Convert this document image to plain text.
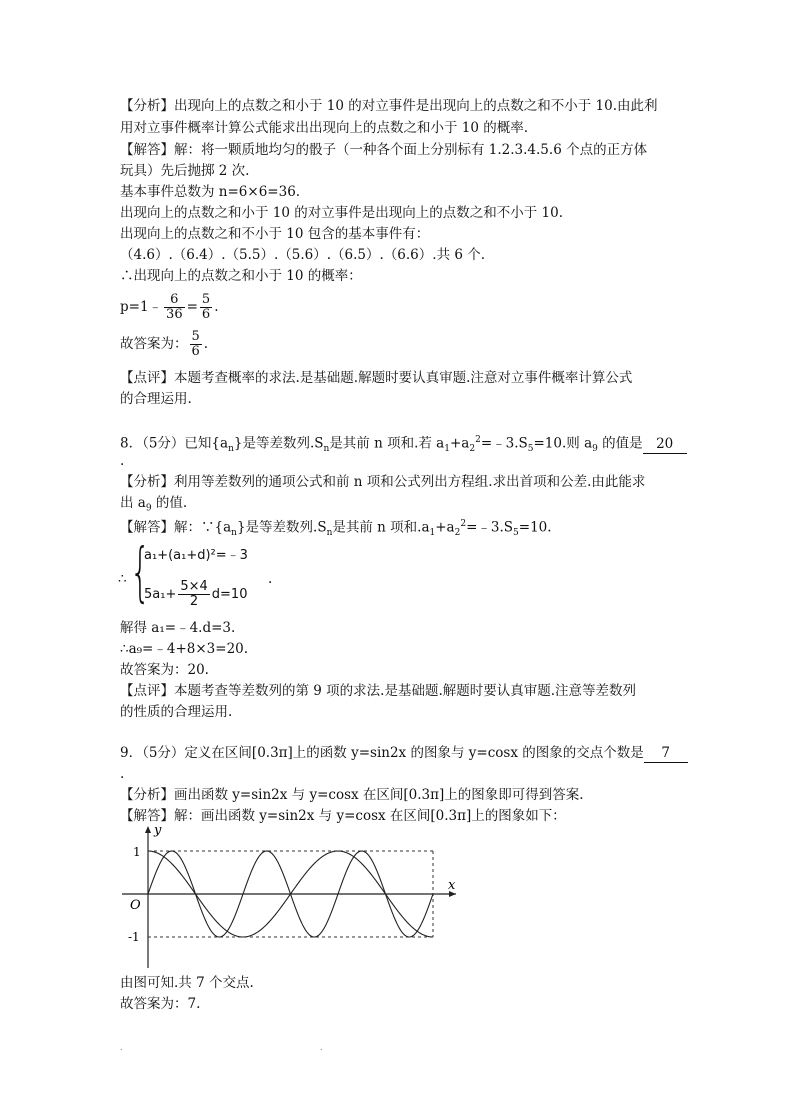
【分析】出现向上的点数之和小于 10 的对立事件是出现向上的点数之和不小于 10.由此利
用对立事件概率计算公式能求出出现向上的点数之和小于 10 的概率.
【解答】解：将一颗质地均匀的骰子（一种各个面上分别标有 1.2.3.4.5.6 个点的正方体
玩具）先后抛掷 2 次.
基本事件总数为 n=6×6=36.
出现向上的点数之和小于 10 的对立事件是出现向上的点数之和不小于 10.
出现向上的点数之和不小于 10 包含的基本事件有：
（4.6）.（6.4）.（5.5）.（5.6）.（6.5）.（6.6）.共 6 个.
∴出现向上的点数之和小于 10 的概率：
p=1﹣ $\frac{6}{36} = \frac{5}{6}$ .
故答案为： $\frac{5}{6}$ .
【点评】本题考查概率的求法.是基础题.解题时要认真审题.注意对立事件概率计算公式
的合理运用.
8．（5分）已知$\{a_n\}$是等差数列$.S_n$是其前 n 项和.若 $a_1+a_2^2=﹣3.S_5=10$.则 $a_9$ 的值是 20
.
【分析】利用等差数列的通项公式和前 n 项和公式列出方程组.求出首项和公差.由此能求
出 $a_9$ 的值.
【解答】解：$\because\{a_n\}$是等差数列$.S_n$是其前 n 项和$.a_1+a_2^2=﹣3.S_5=10$.
∴ {
a₁+(a₁+d)²=﹣3
$5a_1+ \frac{5\times 4}{2} d=10$
.
解得 a₁=﹣4.d=3.
∴a₉=﹣4+8×3=20.
故答案为：20.
【点评】本题考查等差数列的第 9 项的求法.是基础题.解题时要认真审题.注意等差数列
的性质的合理运用.
9．（5分）定义在区间[0.3π]上的函数 y=sin2x 的图象与 y=cosx 的图象的交点个数是 7
.
【分析】画出函数 y=sin2x 与 y=cosx 在区间[0.3π]上的图象即可得到答案.
【解答】解：画出函数 y=sin2x 与 y=cosx 在区间[0.3π]上的图象如下：
y
x
O
1
-1
由图可知.共 7 个交点.
故答案为：7.
.	.
